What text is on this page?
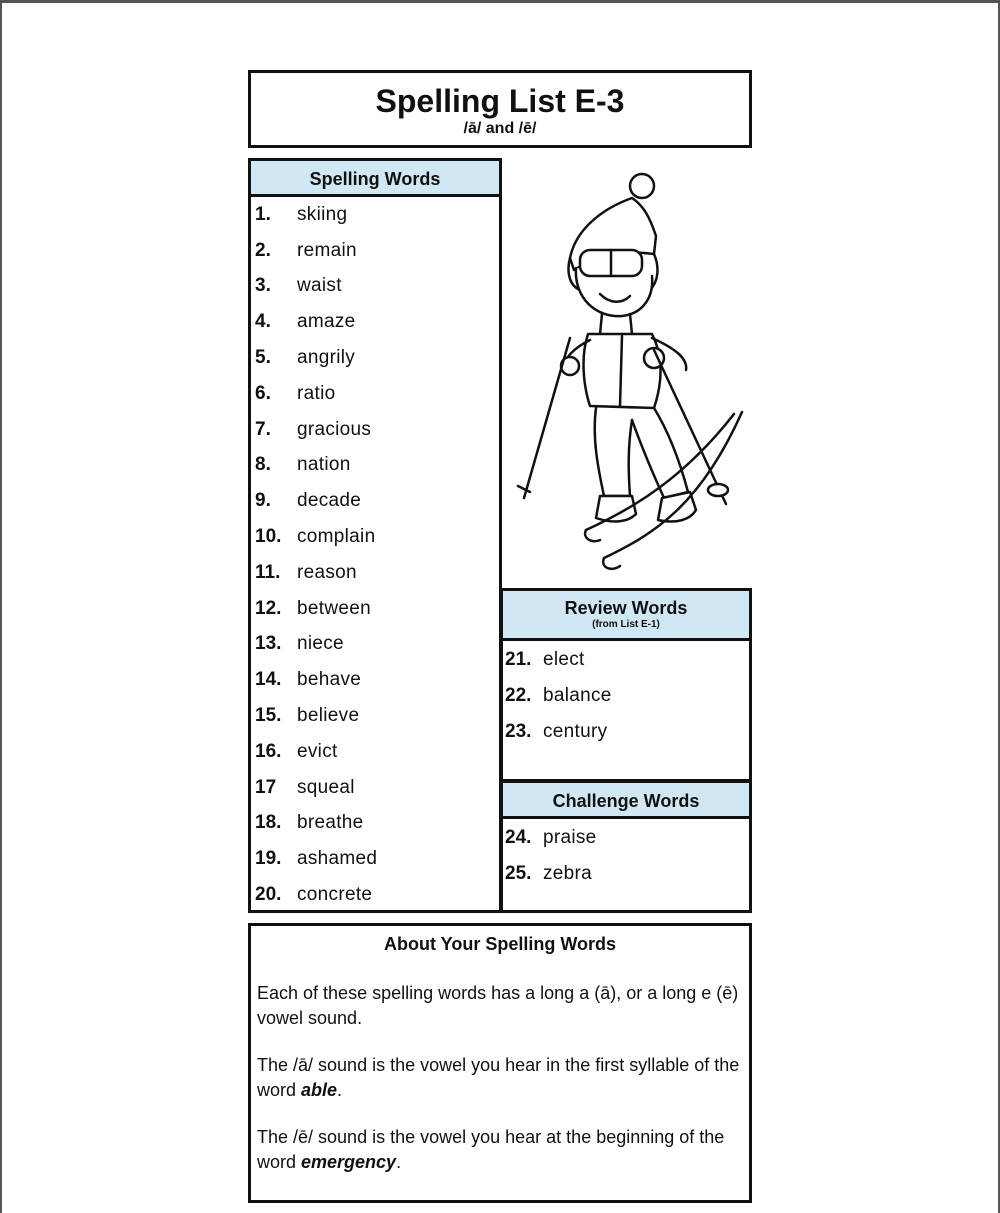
Spelling List E-3
/ā/ and /ē/
Spelling Words
1.	skiing
2.	remain
3.	waist
4.	amaze
5.	angrily
6.	ratio
7.	gracious
8.	nation
9.	decade
10. complain
11. reason
12. between
13. niece
14. behave
15. believe
16. evict
17	squeal
18. breathe
19. ashamed
20. concrete
Review Words
(from List E-1)
21. elect
22. balance
23. century
Challenge Words
24. praise
25. zebra
About Your Spelling Words

Each of these spelling words has a long a (ā), or a long e (ē) vowel sound.

The /ā/ sound is the vowel you hear in the first syllable of the word able.

The /ē/ sound is the vowel you hear at the beginning of the word emergency.
